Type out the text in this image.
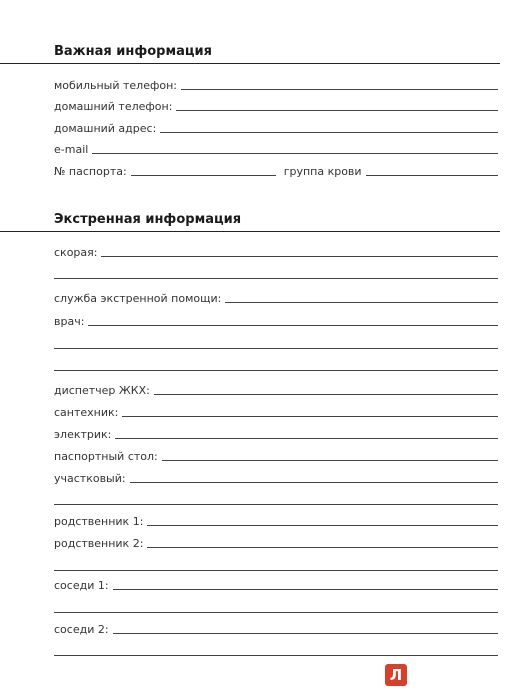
Важная информация
мобильный телефон:
домашний телефон:
домашний адрес:
e-mail
№ паспорта:	группа крови
Экстренная информация
скорая:
служба экстренной помощи:
врач:
диспетчер ЖКХ:
сантехник:
электрик:
паспортный стол:
участковый:
родственник 1:
родственник 2:
соседи 1:
соседи 2:
Л
